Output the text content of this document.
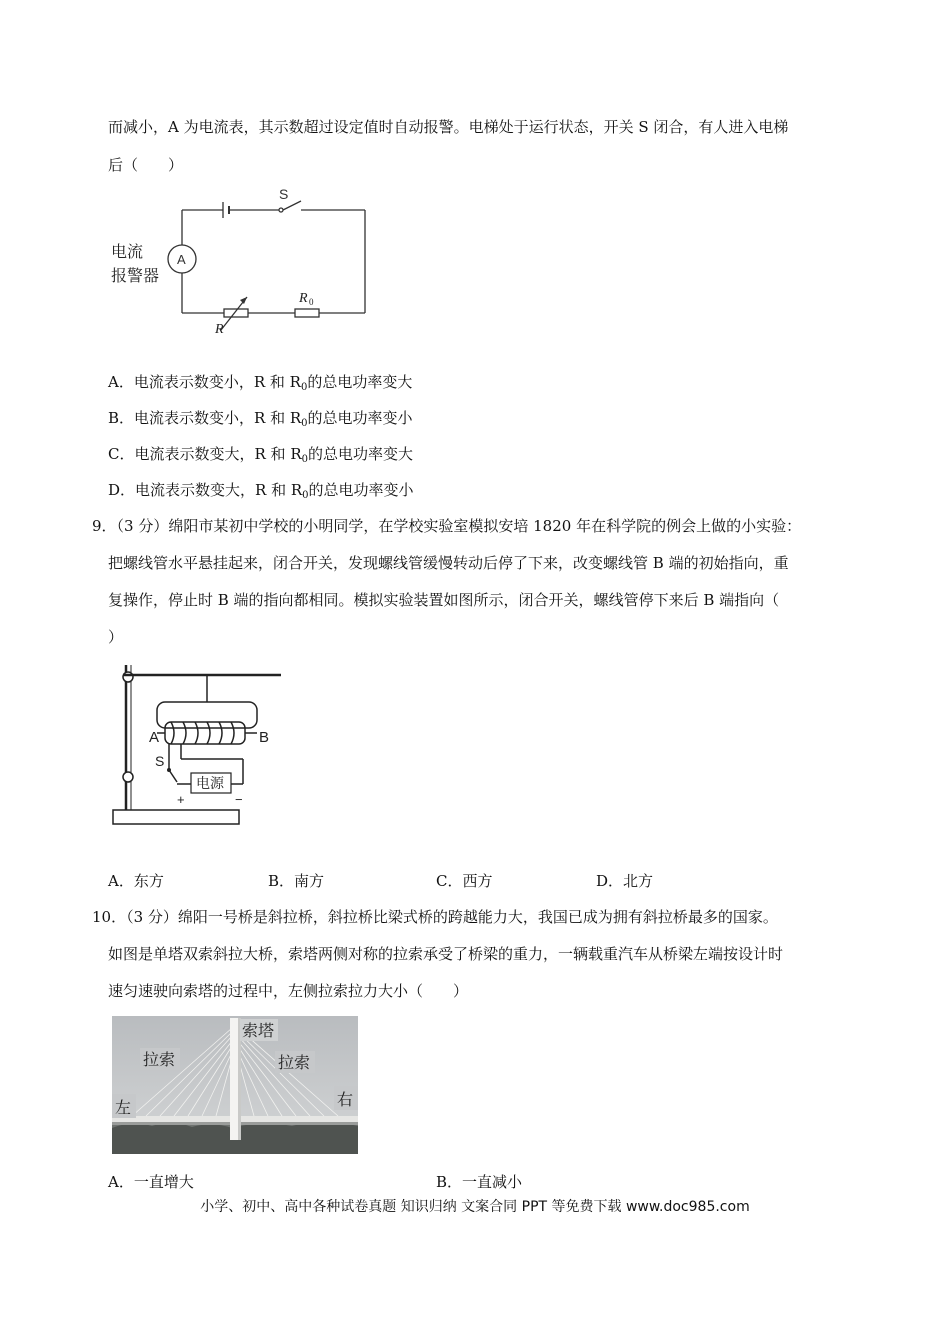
而减小，A 为电流表，其示数超过设定值时自动报警。电梯处于运行状态，开关 S 闭合，有人进入电梯
后（　　）
S
A
电流
报警器
R
R 0
A．电流表示数变小，R 和 $R_0$的总电功率变大
B．电流表示数变小，R 和 $R_0$的总电功率变小
C．电流表示数变大，R 和 $R_0$的总电功率变大
D．电流表示数变大，R 和 $R_0$的总电功率变小
9．（3 分）绵阳市某初中学校的小明同学，在学校实验室模拟安培 1820 年在科学院的例会上做的小实验：
把螺线管水平悬挂起来，闭合开关，发现螺线管缓慢转动后停了下来，改变螺线管 B 端的初始指向，重
复操作，停止时 B 端的指向都相同。模拟实验装置如图所示，闭合开关，螺线管停下来后 B 端指向（
）
A	B
S
电源
+	−
A．东方	B．南方	C．西方	D．北方
10．（3 分）绵阳一号桥是斜拉桥，斜拉桥比梁式桥的跨越能力大，我国已成为拥有斜拉桥最多的国家。
如图是单塔双索斜拉大桥，索塔两侧对称的拉索承受了桥梁的重力，一辆载重汽车从桥梁左端按设计时
速匀速驶向索塔的过程中，左侧拉索拉力大小（　　）
索塔
拉索	拉索
左	右
A．一直增大	B．一直减小
小学、初中、高中各种试卷真题 知识归纳 文案合同 PPT 等免费下载 www.doc985.com
